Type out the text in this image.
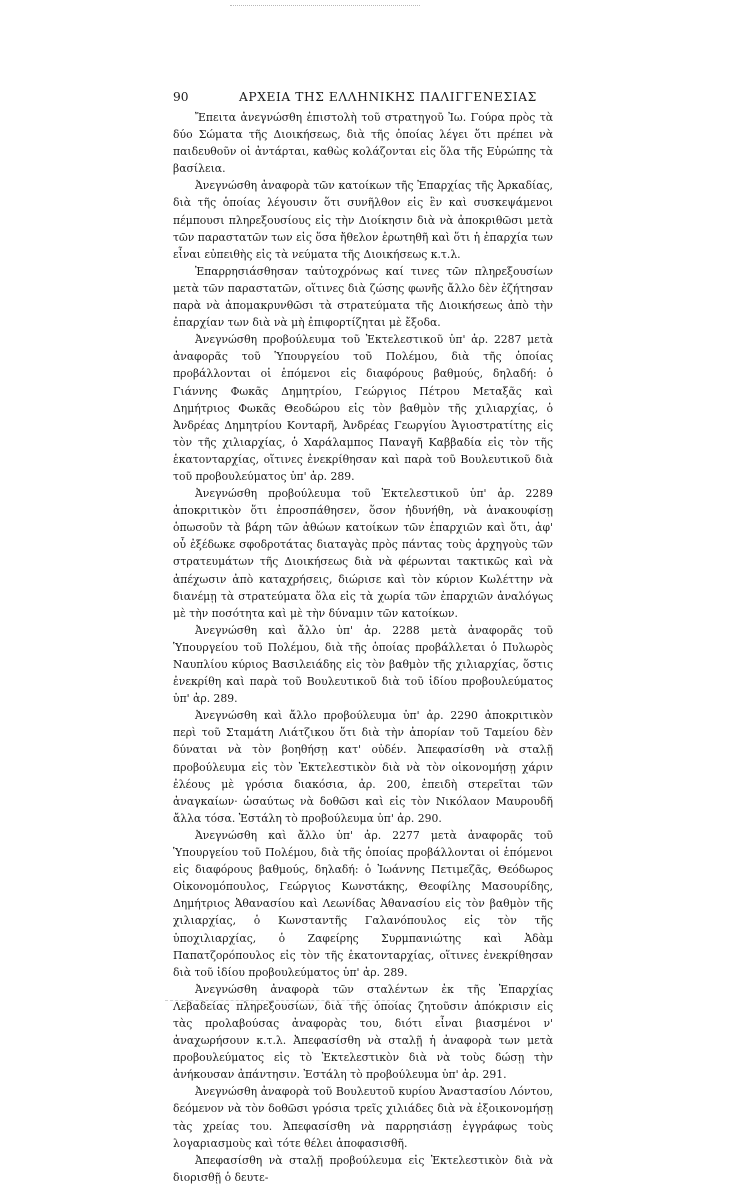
90	ΑΡΧΕΙΑ ΤΗΣ ΕΛΛΗΝΙΚΗΣ ΠΑΛΙΓΓΕΝΕΣΙΑΣ

Ἔπειτα ἀνεγνώσθη ἐπιστολὴ τοῦ στρατηγοῦ Ἰω. Γούρα πρὸς τὰ δύο Σώματα τῆς Διοικήσεως, διὰ τῆς ὁποίας λέγει ὅτι πρέπει νὰ παιδευθοῦν οἱ ἀντάρται, καθὼς κολάζονται εἰς ὅλα τῆς Εὐρώπης τὰ βασίλεια.

Ἀνεγνώσθη ἀναφορὰ τῶν κατοίκων τῆς Ἐπαρχίας τῆς Ἀρκαδίας, διὰ τῆς ὁποίας λέγουσιν ὅτι συνῆλθον εἰς ἓν καὶ συσκεψάμενοι πέμπουσι πληρεξουσίους εἰς τὴν Διοίκησιν διὰ νὰ ἀποκριθῶσι μετὰ τῶν παραστατῶν των εἰς ὅσα ἤθελον ἐρωτηθῆ καὶ ὅτι ἡ ἐπαρχία των εἶναι εὐπειθὴς εἰς τὰ νεύματα τῆς Διοικήσεως κ.τ.λ.

Ἐπαρρησιάσθησαν ταὐτοχρόνως καί τινες τῶν πληρεξουσίων μετὰ τῶν παραστατῶν, οἵτινες διὰ ζώσης φωνῆς ἄλλο δὲν ἐζήτησαν παρὰ νὰ ἀπομακρυνθῶσι τὰ στρατεύματα τῆς Διοικήσεως ἀπὸ τὴν ἐπαρχίαν των διὰ νὰ μὴ ἐπιφορτίζηται μὲ ἔξοδα.

Ἀνεγνώσθη προβούλευμα τοῦ Ἐκτελεστικοῦ ὑπ' ἀρ. 2287 μετὰ ἀναφορᾶς τοῦ Ὑπουργείου τοῦ Πολέμου, διὰ τῆς ὁποίας προβάλλονται οἱ ἑπόμενοι εἰς διαφόρους βαθμούς, δηλαδή: ὁ Γιάννης Φωκᾶς Δημητρίου, Γεώργιος Πέτρου Μεταξᾶς καὶ Δημήτριος Φωκᾶς Θεοδώρου εἰς τὸν βαθμὸν τῆς χιλιαρχίας, ὁ Ἀνδρέας Δημητρίου Κονταρῆ, Ἀνδρέας Γεωργίου Ἁγιοστρατίτης εἰς τὸν τῆς χιλιαρχίας, ὁ Χαράλαμπος Παναγῆ Καββαδία εἰς τὸν τῆς ἑκατονταρχίας, οἵτινες ἐνεκρίθησαν καὶ παρὰ τοῦ Βουλευτικοῦ διὰ τοῦ προβουλεύματος ὑπ' ἀρ. 289.

Ἀνεγνώσθη προβούλευμα τοῦ Ἐκτελεστικοῦ ὑπ' ἀρ. 2289 ἀποκριτικὸν ὅτι ἐπροσπάθησεν, ὅσον ἠδυνήθη, νὰ ἀνακουφίσῃ ὁπωσοῦν τὰ βάρη τῶν ἀθώων κατοίκων τῶν ἐπαρχιῶν καὶ ὅτι, ἀφ' οὗ ἐξέδωκε σφοδροτάτας διαταγὰς πρὸς πάντας τοὺς ἀρχηγοὺς τῶν στρατευμάτων τῆς Διοικήσεως διὰ νὰ φέρωνται τακτικῶς καὶ νὰ ἀπέχωσιν ἀπὸ καταχρήσεις, διώρισε καὶ τὸν κύριον Κωλέττην νὰ διανέμῃ τὰ στρατεύματα ὅλα εἰς τὰ χωρία τῶν ἐπαρχιῶν ἀναλόγως μὲ τὴν ποσότητα καὶ μὲ τὴν δύναμιν τῶν κατοίκων.

Ἀνεγνώσθη καὶ ἄλλο ὑπ' ἀρ. 2288 μετὰ ἀναφορᾶς τοῦ Ὑπουργείου τοῦ Πολέμου, διὰ τῆς ὁποίας προβάλλεται ὁ Πυλωρὸς Ναυπλίου κύριος Βασιλειάδης εἰς τὸν βαθμὸν τῆς χιλιαρχίας, ὅστις ἐνεκρίθη καὶ παρὰ τοῦ Βουλευτικοῦ διὰ τοῦ ἰδίου προβουλεύματος ὑπ' ἀρ. 289.

Ἀνεγνώσθη καὶ ἄλλο προβούλευμα ὑπ' ἀρ. 2290 ἀποκριτικὸν περὶ τοῦ Σταμάτη Λιάτζικου ὅτι διὰ τὴν ἀπορίαν τοῦ Ταμείου δὲν δύναται νὰ τὸν βοηθήσῃ κατ' οὐδέν. Ἀπεφασίσθη νὰ σταλῇ προβούλευμα εἰς τὸν Ἐκτελεστικὸν διὰ νὰ τὸν οἰκονομήσῃ χάριν ἐλέους μὲ γρόσια διακόσια, ἀρ. 200, ἐπειδὴ στερεῖται τῶν ἀναγκαίων· ὡσαύτως νὰ δοθῶσι καὶ εἰς τὸν Νικόλαον Μαυρουδῆ ἄλλα τόσα. Ἐστάλη τὸ προβούλευμα ὑπ' ἀρ. 290.

Ἀνεγνώσθη καὶ ἄλλο ὑπ' ἀρ. 2277 μετὰ ἀναφορᾶς τοῦ Ὑπουργείου τοῦ Πολέμου, διὰ τῆς ὁποίας προβάλλονται οἱ ἑπόμενοι εἰς διαφόρους βαθμούς, δηλαδή: ὁ Ἰωάννης Πετιμεζᾶς, Θεόδωρος Οἰκονομόπουλος, Γεώργιος Κωνστάκης, Θεοφίλης Μασουρίδης, Δημήτριος Ἀθανασίου καὶ Λεωνίδας Ἀθανασίου εἰς τὸν βαθμὸν τῆς χιλιαρχίας, ὁ Κωνσταντῆς Γαλανόπουλος εἰς τὸν τῆς ὑποχιλιαρχίας, ὁ Ζαφείρης Συρμπανιώτης καὶ Ἀδὰμ Παπατζορόπουλος εἰς τὸν τῆς ἑκατονταρχίας, οἵτινες ἐνεκρίθησαν διὰ τοῦ ἰδίου προβουλεύματος ὑπ' ἀρ. 289.

Ἀνεγνώσθη ἀναφορὰ τῶν σταλέντων ἐκ τῆς Ἐπαρχίας Λεβαδείας πληρεξουσίων, διὰ τῆς ὁποίας ζητοῦσιν ἀπόκρισιν εἰς τὰς προλαβούσας ἀναφορὰς του, διότι εἶναι βιασμένοι ν' ἀναχωρήσουν κ.τ.λ. Ἀπεφασίσθη νὰ σταλῇ ἡ ἀναφορὰ των μετὰ προβουλεύματος εἰς τὸ Ἐκτελεστικὸν διὰ νὰ τοὺς δώσῃ τὴν ἀνήκουσαν ἀπάντησιν. Ἐστάλη τὸ προβούλευμα ὑπ' ἀρ. 291.

Ἀνεγνώσθη ἀναφορὰ τοῦ Βουλευτοῦ κυρίου Ἀναστασίου Λόντου, δεόμενον νὰ τὸν δοθῶσι γρόσια τρεῖς χιλιάδες διὰ νὰ ἐξοικονομήσῃ τὰς χρείας του. Ἀπεφασίσθη νὰ παρρησιάσῃ ἐγγράφως τοὺς λογαριασμοὺς καὶ τότε θέλει ἀποφασισθῆ.

Ἀπεφασίσθη νὰ σταλῇ προβούλευμα εἰς Ἐκτελεστικὸν διὰ νὰ διορισθῇ ὁ δευτε-
